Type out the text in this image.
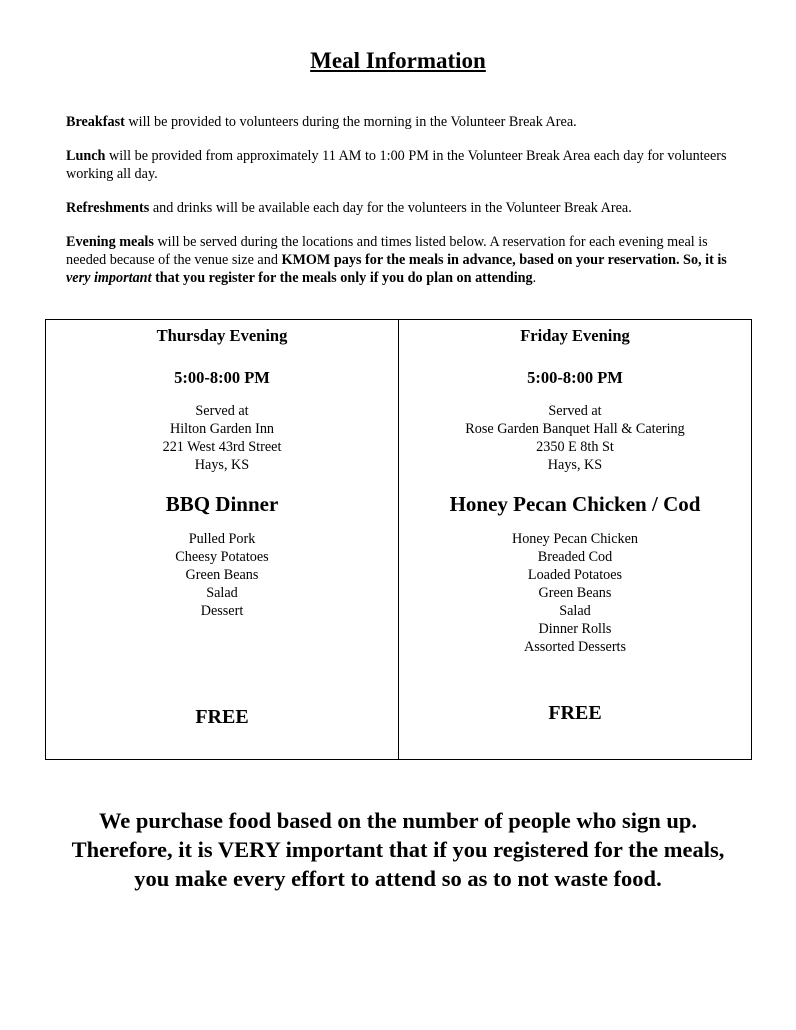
Meal Information

Breakfast will be provided to volunteers during the morning in the Volunteer Break Area.

Lunch will be provided from approximately 11 AM to 1:00 PM in the Volunteer Break Area each day for volunteers working all day.

Refreshments and drinks will be available each day for the volunteers in the Volunteer Break Area.

Evening meals will be served during the locations and times listed below. A reservation for each evening meal is needed because of the venue size and KMOM pays for the meals in advance, based on your reservation. So, it is very important that you register for the meals only if you do plan on attending.

Thursday Evening
5:00-8:00 PM
Served at
Hilton Garden Inn
221 West 43rd Street
Hays, KS
BBQ Dinner
Pulled Pork
Cheesy Potatoes
Green Beans
Salad
Dessert
FREE
Friday Evening
5:00-8:00 PM
Served at
Rose Garden Banquet Hall & Catering
2350 E 8th St
Hays, KS
Honey Pecan Chicken / Cod
Honey Pecan Chicken
Breaded Cod
Loaded Potatoes
Green Beans
Salad
Dinner Rolls
Assorted Desserts
FREE
We purchase food based on the number of people who sign up.
Therefore, it is VERY important that if you registered for the meals,
you make every effort to attend so as to not waste food.
